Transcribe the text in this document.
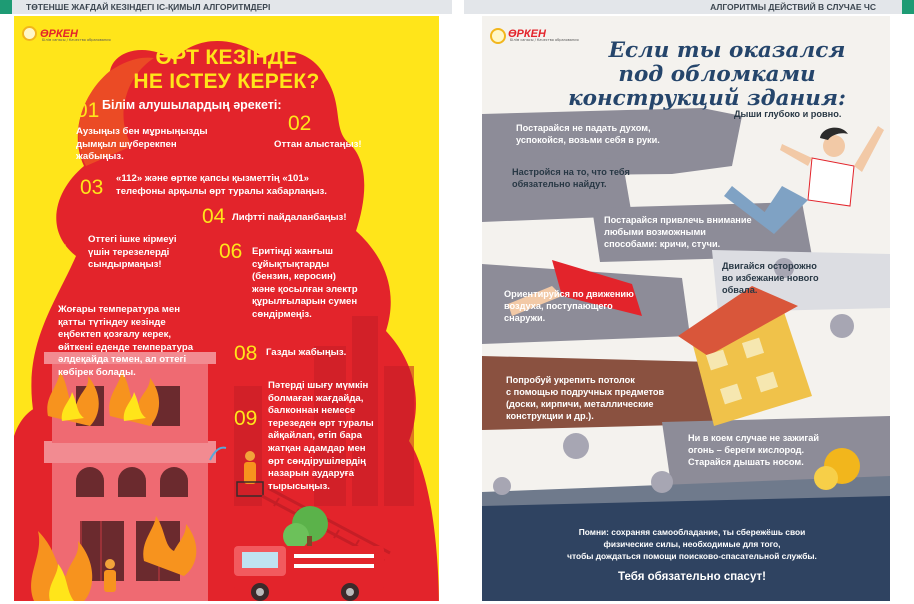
ТӨТЕНШЕ ЖАҒДАЙ КЕЗІНДЕГІ ІС-ҚИМЫЛ АЛГОРИТМДЕРІ	АЛГОРИТМЫ ДЕЙСТВИЙ В СЛУЧАЕ ЧС
ӨРКЕН
Білім сапасы / Качество образования
ӨРТ КЕЗІНДЕ
НЕ ІСТЕУ КЕРЕК?
Білім алушылардың әрекеті:
01
Аузыңыз бен мұрныңызды
дымқыл шүберекпен
жабыңыз.
02
Оттан алыстаңыз!
03 «112» және өртке қапсы қызметтің «101»
телефоны арқылы өрт туралы хабарлаңыз.
04 Лифтті пайдаланбаңыз!
05
Оттегі ішке кірмеуі
үшін терезелерді
сындырмаңыз!
06 Еритінді жанғыш
сұйықтықтарды
(бензин, керосин)
және қосылған электр
құрылғыларын сумен
сөндірмеңіз.
07 Жоғары температура мен
қатты түтіндеу кезінде
еңбектеп қозғалу керек,
өйткені еденде температура
әлдеқайда төмен, ал оттегі
көбірек болады.
08 Газды жабыңыз.
09
Пәтерді шығу мүмкін
болмаған жағдайда,
балконнан немесе
терезеден өрт туралы
айқайлап, өтіп бара
жатқан адамдар мен
өрт сөндірушілердің
назарын аударуға
тырысыңыз.
ӨРКЕН
Білім сапасы / Качество образования	Если ты оказался
под обломками
конструкций здания:
Постарайся не падать духом,
успокойся, возьми себя в руки.
Дыши глубоко и ровно.
Настройся на то, что тебя
обязательно найдут.
Постарайся привлечь внимание
любыми возможными
способами: кричи, стучи.
Двигайся осторожно
во избежание нового
обвала.
Ориентируйся по движению
воздуха, поступающего
снаружи.
Попробуй укрепить потолок
с помощью подручных предметов
(доски, кирпичи, металлические
конструкции и др.).
Ни в коем случае не зажигай
огонь – береги кислород.
Старайся дышать носом.
Помни: сохраняя самообладание, ты сбережёшь свои
физические силы, необходимые для того,
чтобы дождаться помощи поисково-спасательной службы.
Тебя обязательно спасут!
